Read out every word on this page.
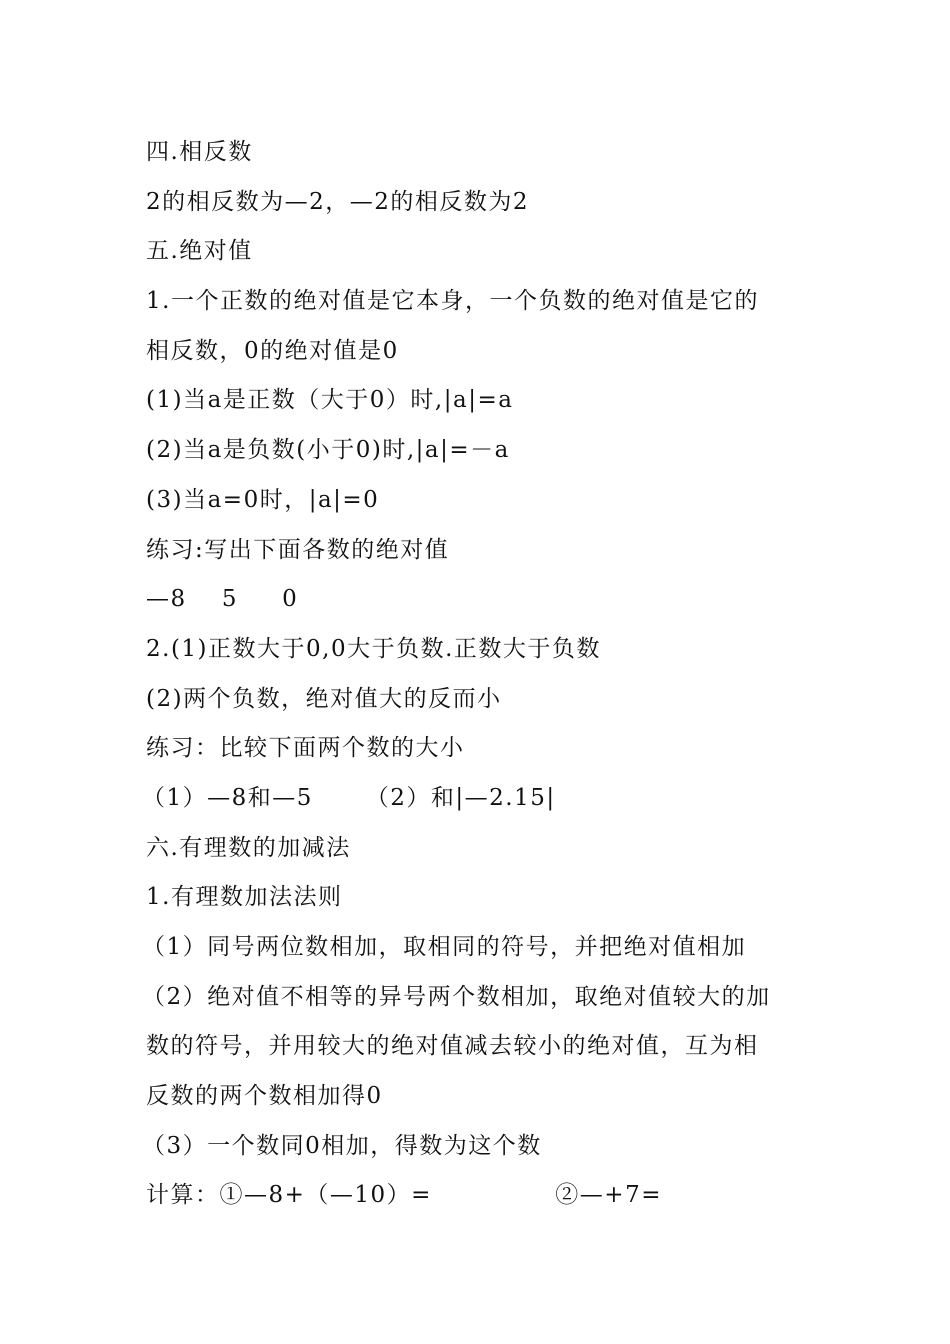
四.相反数
2的相反数为—2，—2的相反数为2
五.绝对值
1.一个正数的绝对值是它本身，一个负数的绝对值是它的
相反数，0的绝对值是0
(1)当a是正数（大于0）时,|a|=a
(2)当a是负数(小于0)时,|a|=－a
(3)当a=0时，|a|=0
练习:写出下面各数的绝对值
—8    5     0
2.(1)正数大于0,0大于负数.正数大于负数
(2)两个负数，绝对值大的反而小
练习：比较下面两个数的大小
（1）—8和—5      （2）和|—2.15|
六.有理数的加减法
1.有理数加法法则
（1）同号两位数相加，取相同的符号，并把绝对值相加
（2）绝对值不相等的异号两个数相加，取绝对值较大的加
数的符号，并用较大的绝对值减去较小的绝对值，互为相
反数的两个数相加得0
（3）一个数同0相加，得数为这个数
计算：①—8+（—10）=              ②—+7=
